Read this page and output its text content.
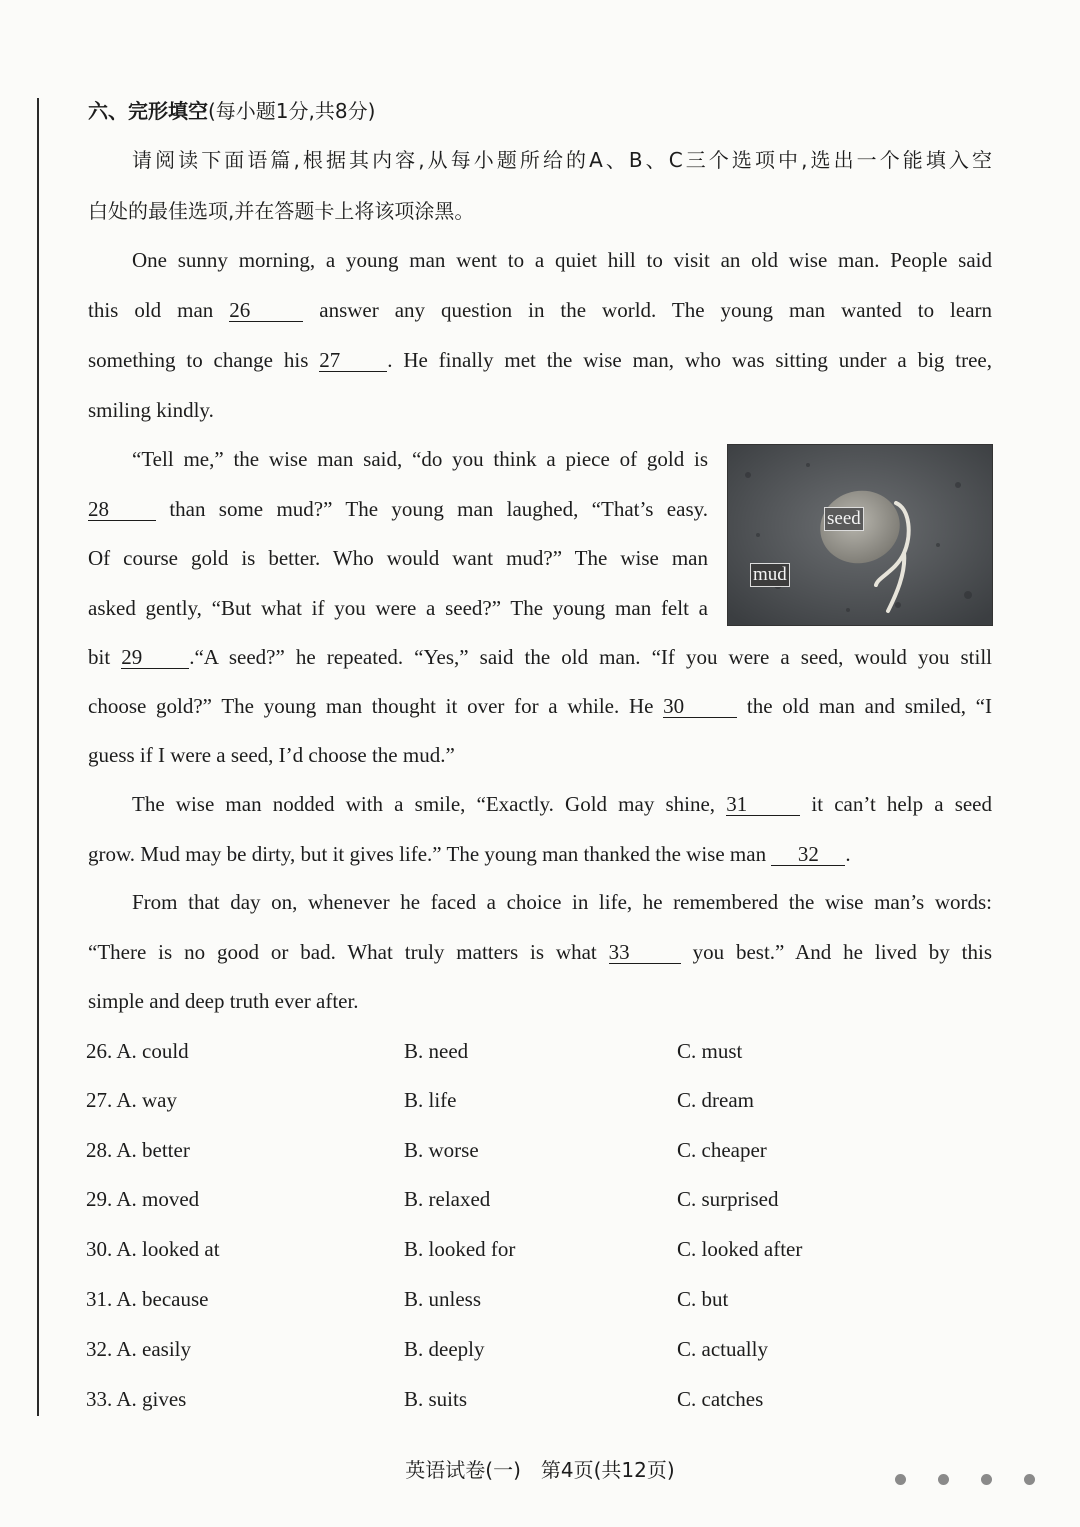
六、完形填空(每小题1分,共8分)
请阅读下面语篇,根据其内容,从每小题所给的A、B、C三个选项中,选出一个能填入空
白处的最佳选项,并在答题卡上将该项涂黑。
One sunny morning, a young man went to a quiet hill to visit an old wise man. People said
this old man 26	answer any question in the world. The young man wanted to learn
something to change his 27 . He finally met the wise man, who was sitting under a big tree,
smiling kindly.
“Tell me,” the wise man said, “do you think a piece of gold is
28	than some mud?” The young man laughed, “That’s easy.
Of course gold is better. Who would want mud?” The wise man
asked gently, “But what if you were a seed?” The young man felt a
seed
mud
bit 29 .“A seed?” he repeated. “Yes,” said the old man. “If you were a seed, would you still
choose gold?” The young man thought it over for a while. He 30	the old man and smiled, “I
guess if I were a seed, I’d choose the mud.”
The wise man nodded with a smile, “Exactly. Gold may shine, 31	it can’t help a seed
grow. Mud may be dirty, but it gives life.” The young man thanked the wise man 32 .
From that day on, whenever he faced a choice in life, he remembered the wise man’s words:
“There is no good or bad. What truly matters is what 33	you best.” And he lived by this
simple and deep truth ever after.
26. A. could	B. need	C. must
27. A. way	B. life	C. dream
28. A. better	B. worse	C. cheaper
29. A. moved	B. relaxed	C. surprised
30. A. looked at	B. looked for	C. looked after
31. A. because	B. unless	C. but
32. A. easily	B. deeply	C. actually
33. A. gives	B. suits	C. catches
英语试卷(一) 第4页(共12页)
